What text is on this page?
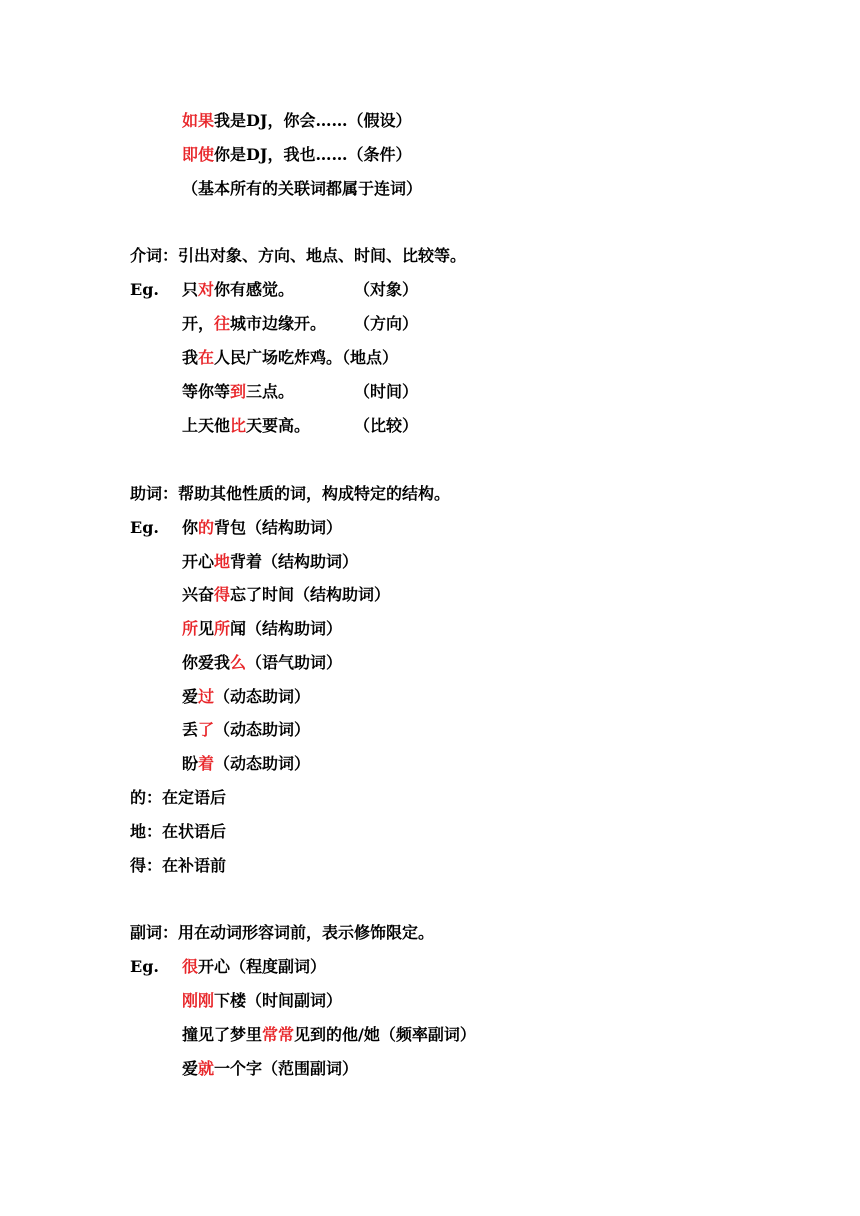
如果我是DJ，你会……（假设）
即使你是DJ，我也……（条件）
（基本所有的关联词都属于连词）
介词：引出对象、方向、地点、时间、比较等。
Eg. 只对你有感觉。	（对象）
开，往城市边缘开。 （方向）
我在人民广场吃炸鸡。（地点）
等你等到三点。	（时间）
上天他比天要高。	（比较）
助词：帮助其他性质的词，构成特定的结构。
Eg. 你的背包（结构助词）
开心地背着（结构助词）
兴奋得忘了时间（结构助词）
所见所闻（结构助词）
你爱我么（语气助词）
爱过（动态助词）
丢了（动态助词）
盼着（动态助词）
的：在定语后
地：在状语后
得：在补语前
副词：用在动词形容词前，表示修饰限定。
Eg. 很开心（程度副词）
刚刚下楼（时间副词）
撞见了梦里常常见到的他/她（频率副词）
爱就一个字（范围副词）
